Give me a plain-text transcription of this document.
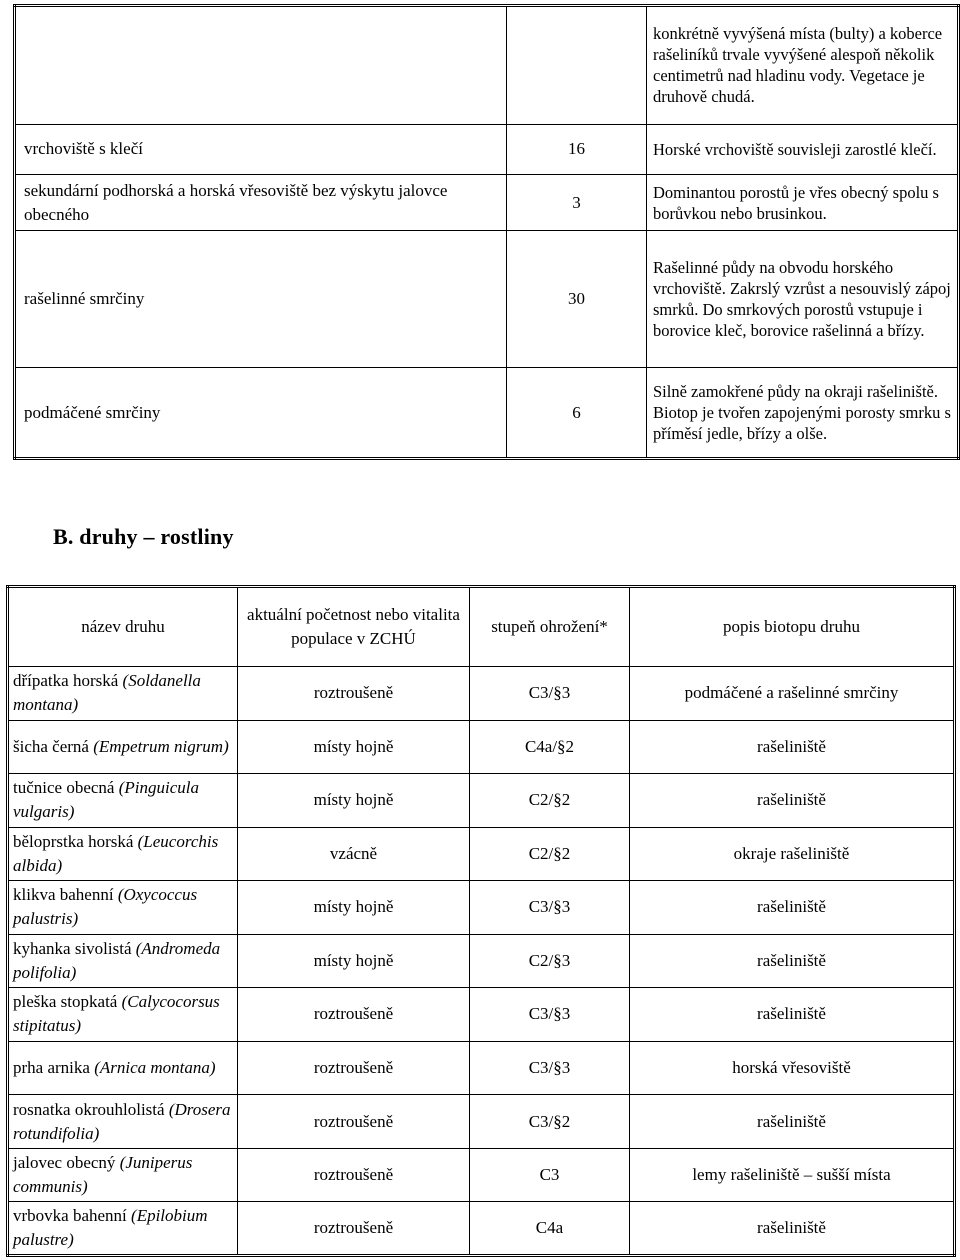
		konkrétně vyvýšená místa (bulty) a koberce rašeliníků trvale vyvýšené alespoň několik centimetrů nad hladinu vody. Vegetace je druhově chudá.
vrchoviště s klečí	16	Horské vrchoviště souvisleji zarostlé klečí.
sekundární podhorská a horská vřesoviště bez výskytu jalovce obecného	3	Dominantou porostů je vřes obecný spolu s borůvkou nebo brusinkou.
rašelinné smrčiny	30	Rašelinné půdy na obvodu horského vrchoviště. Zakrslý vzrůst a nesouvislý zápoj smrků. Do smrkových porostů vstupuje i borovice kleč, borovice rašelinná a břízy.
podmáčené smrčiny	6	Silně zamokřené půdy na okraji rašeliniště. Biotop je tvořen zapojenými porosty smrku s příměsí jedle, břízy a olše.
B. druhy – rostliny
název druhu	aktuální početnost nebo vitalita populace v ZCHÚ	stupeň ohrožení*	popis biotopu druhu
dřípatka horská (Soldanella montana)	roztroušeně	C3/§3	podmáčené a rašelinné smrčiny
šicha černá (Empetrum nigrum)	místy hojně	C4a/§2	rašeliniště
tučnice obecná (Pinguicula vulgaris)	místy hojně	C2/§2	rašeliniště
běloprstka horská (Leucorchis albida)	vzácně	C2/§2	okraje rašeliniště
klikva bahenní (Oxycoccus palustris)	místy hojně	C3/§3	rašeliniště
kyhanka sivolistá (Andromeda polifolia)	místy hojně	C2/§3	rašeliniště
pleška stopkatá (Calycocorsus stipitatus)	roztroušeně	C3/§3	rašeliniště
prha arnika (Arnica montana)	roztroušeně	C3/§3	horská vřesoviště
rosnatka okrouhlolistá (Drosera rotundifolia)	roztroušeně	C3/§2	rašeliniště
jalovec obecný (Juniperus communis)	roztroušeně	C3	lemy rašeliniště – sušší místa
vrbovka bahenní (Epilobium palustre)	roztroušeně	C4a	rašeliniště
